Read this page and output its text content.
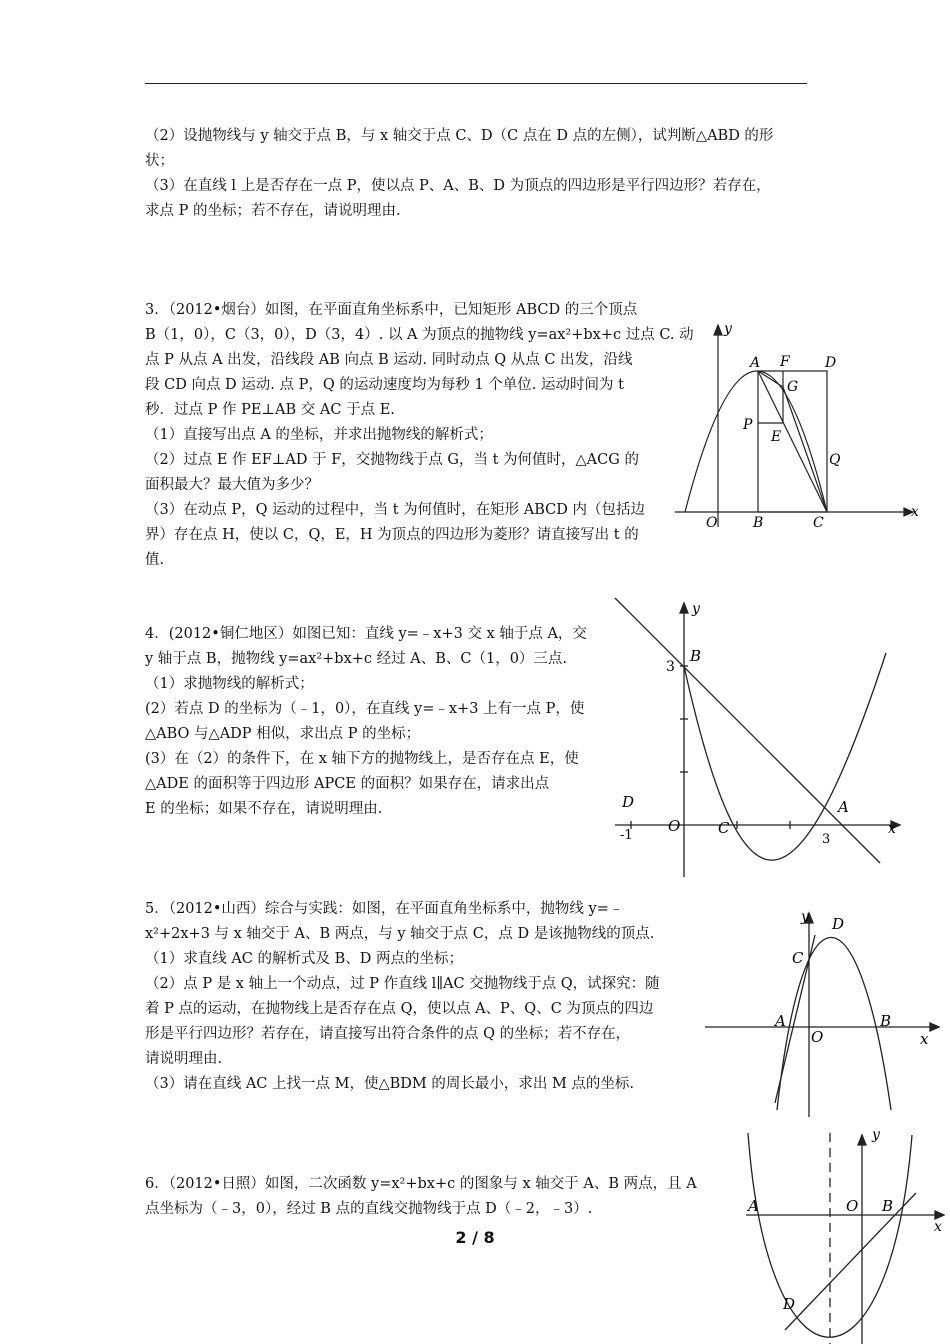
（2）设抛物线与 y 轴交于点 B，与 x 轴交于点 C、D（C 点在 D 点的左侧），试判断△ABD 的形

状；

（3）在直线 l 上是否存在一点 P，使以点 P、A、B、D 为顶点的四边形是平行四边形？若存在，

求点 P 的坐标；若不存在，请说明理由.

3．（2012•烟台）如图，在平面直角坐标系中，已知矩形 ABCD 的三个顶点

B（1，0），C（3，0），D（3，4）. 以 A 为顶点的抛物线 y=ax²+bx+c 过点 C. 动

点 P 从点 A 出发，沿线段 AB 向点 B 运动. 同时动点 Q 从点 C 出发，沿线

段 CD 向点 D 运动. 点 P，Q 的运动速度均为每秒 1 个单位. 运动时间为 t

秒．过点 P 作 PE⊥AB 交 AC 于点 E.

（1）直接写出点 A 的坐标，并求出抛物线的解析式；

（2）过点 E 作 EF⊥AD 于 F，交抛物线于点 G，当 t 为何值时，△ACG 的

面积最大？最大值为多少？

（3）在动点 P，Q 运动的过程中，当 t 为何值时，在矩形 ABCD 内（包括边

界）存在点 H，使以 C，Q，E，H 为顶点的四边形为菱形？请直接写出 t 的

值.

y
x
O
A F	D
G
P
E
Q
B	C

4．(2012•铜仁地区）如图已知：直线 y=﹣x+3 交 x 轴于点 A，交

y 轴于点 B，抛物线 y=ax²+bx+c 经过 A、B、C（1，0）三点.

（1）求抛物线的解析式；

(2）若点 D 的坐标为（﹣1，0），在直线 y=﹣x+3 上有一点 P，使

△ABO 与△ADP 相似，求出点 P 的坐标；

(3）在（2）的条件下，在 x 轴下方的抛物线上，是否存在点 E，使

△ADE 的面积等于四边形 APCE 的面积？如果存在，请求出点

E 的坐标；如果不存在，请说明理由.

y
B
3
D	A
O	C	x
-1	3

5．（2012•山西）综合与实践：如图，在平面直角坐标系中，抛物线 y=﹣

x²+2x+3 与 x 轴交于 A、B 两点，与 y 轴交于点 C，点 D 是该抛物线的顶点.

（1）求直线 AC 的解析式及 B、D 两点的坐标；

（2）点 P 是 x 轴上一个动点，过 P 作直线 l∥AC 交抛物线于点 Q，试探究：随

着 P 点的运动，在抛物线上是否存在点 Q，使以点 A、P、Q、C 为顶点的四边

形是平行四边形？若存在，请直接写出符合条件的点 Q 的坐标；若不存在，

请说明理由.

（3）请在直线 AC 上找一点 M，使△BDM 的周长最小，求出 M 点的坐标.

y D
C
A
O
B
x

6．（2012•日照）如图，二次函数 y=x²+bx+c 的图象与 x 轴交于 A、B 两点，且 A

点坐标为（﹣3，0），经过 B 点的直线交抛物线于点 D（﹣2，﹣3）.

y
A	O B
x
D
2 / 8
